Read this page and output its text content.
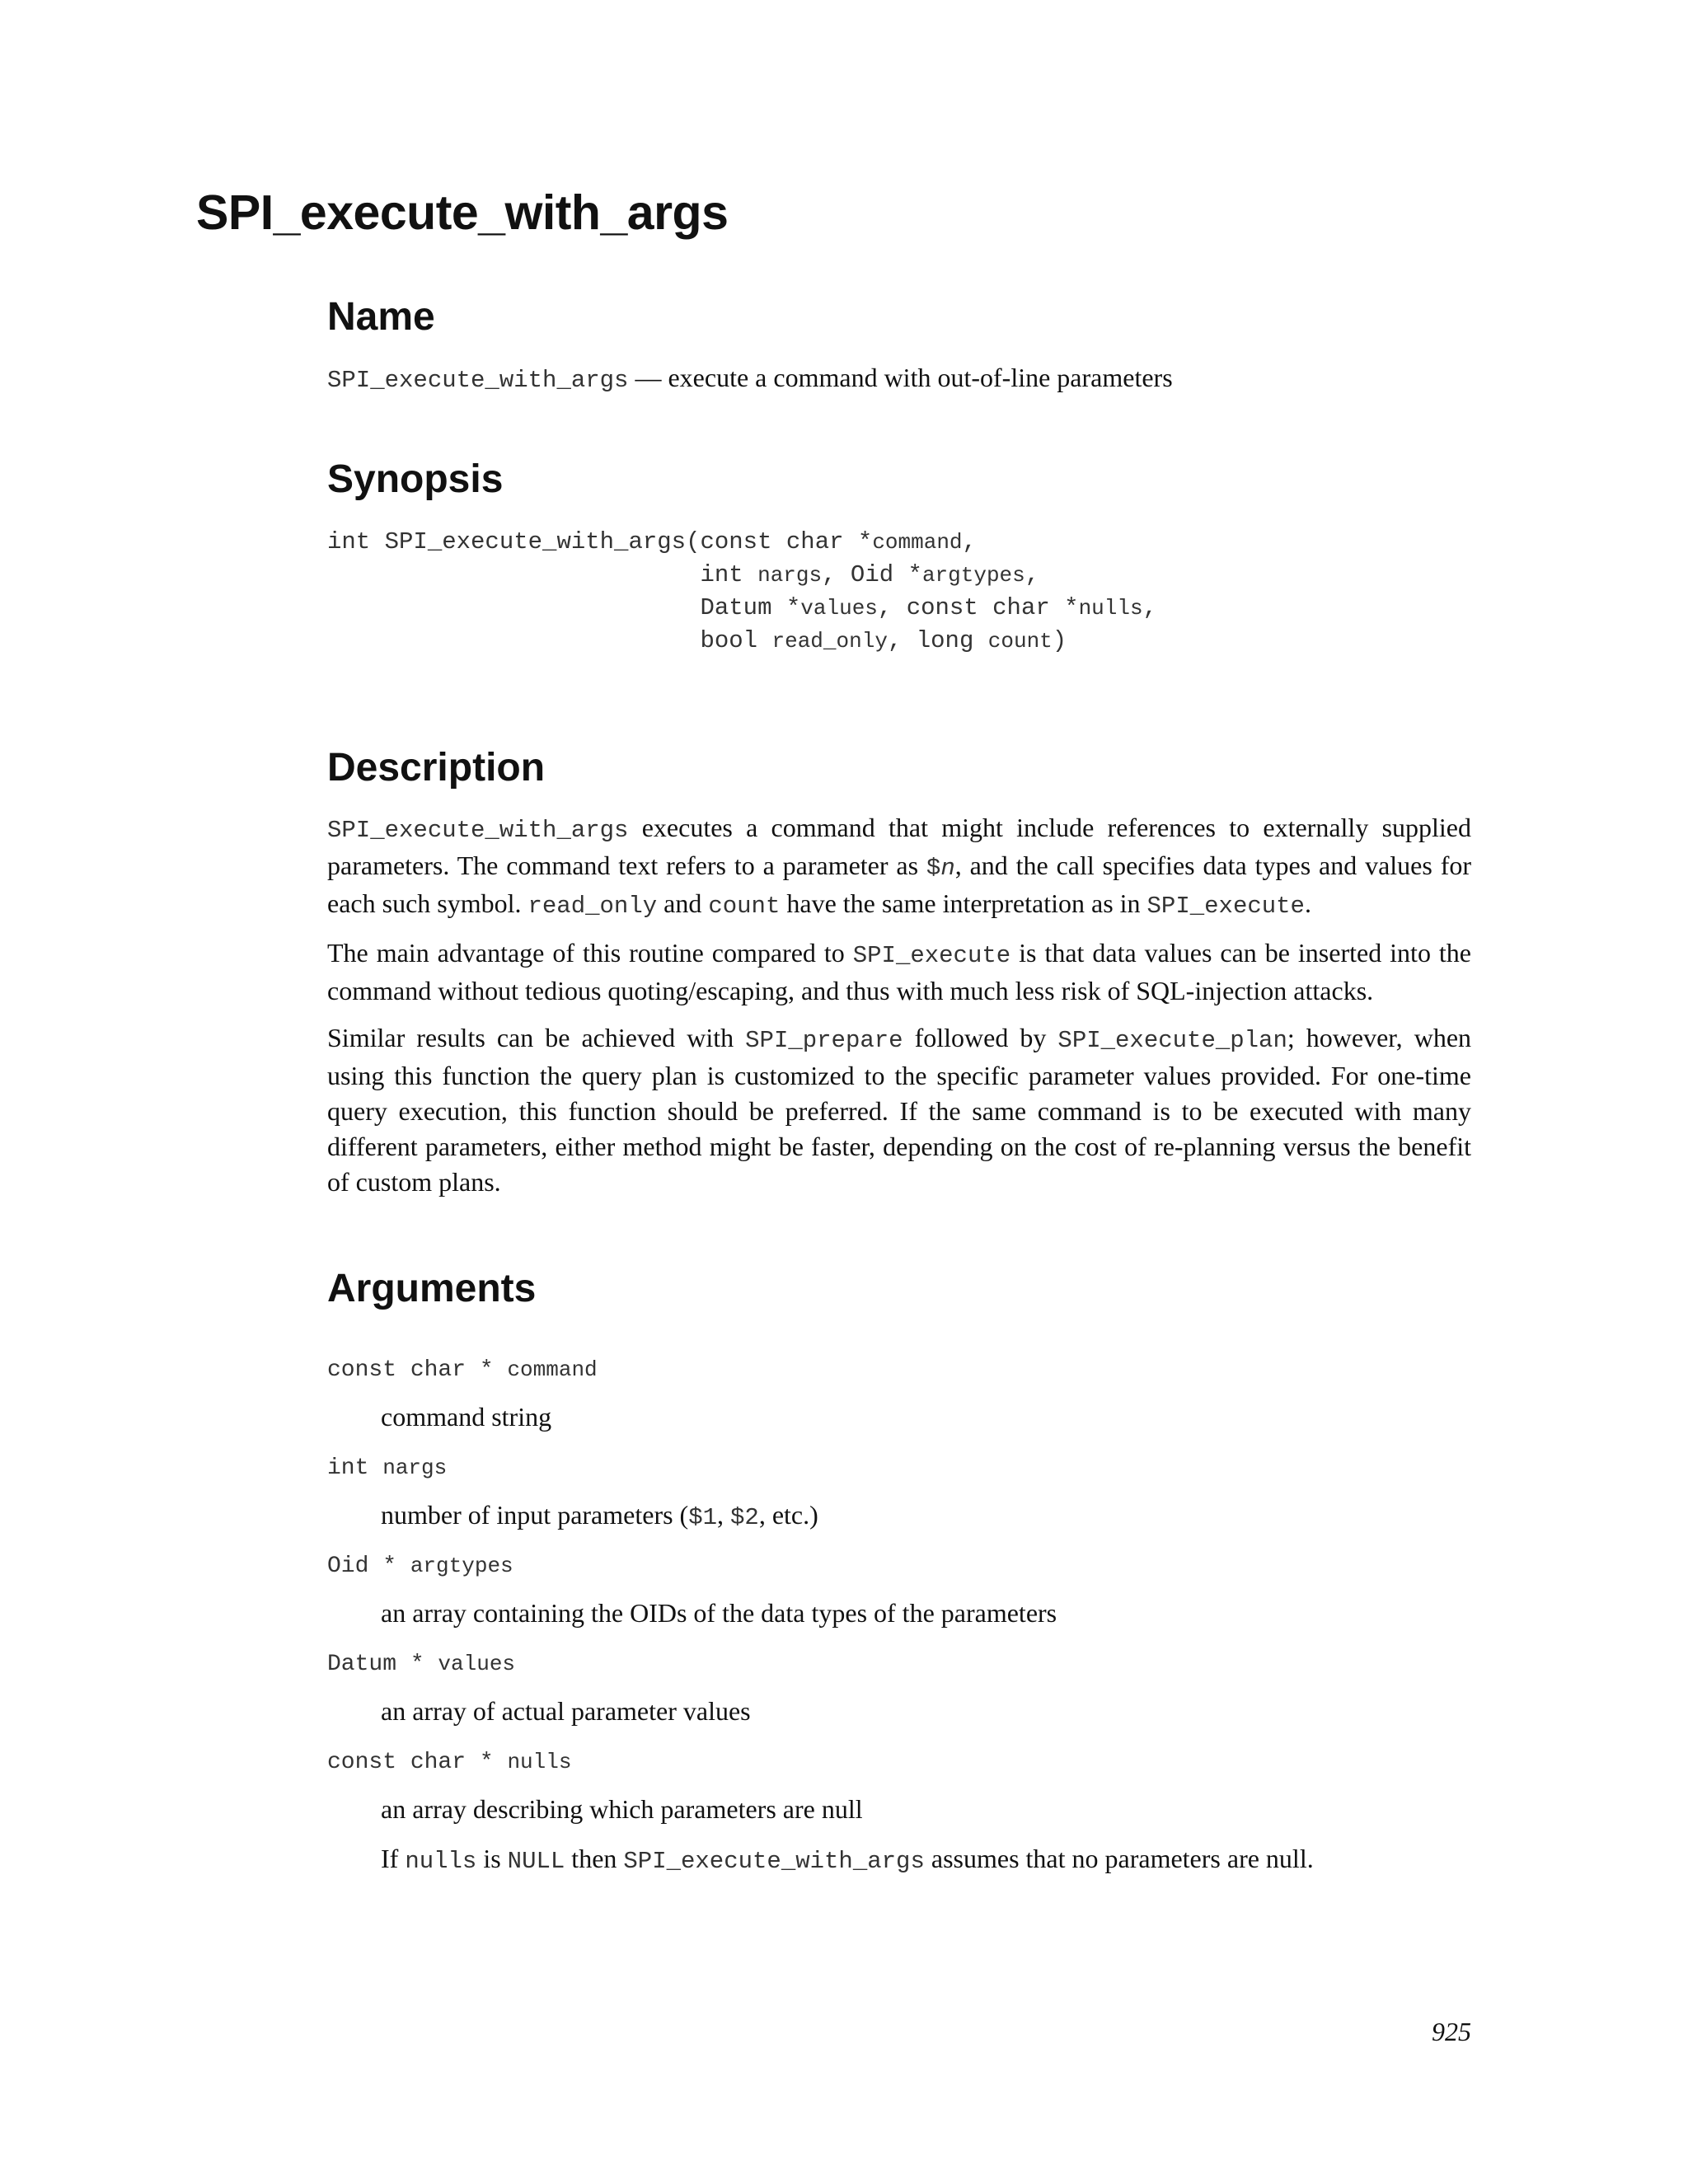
SPI_execute_with_args
Name

SPI_execute_with_args — execute a command with out-of-line parameters

Synopsis
int SPI_execute_with_args(const char *command,
int nargs, Oid *argtypes,
Datum *values, const char *nulls,
bool read_only, long count)
Description

SPI_execute_with_args executes a command that might include references to externally supplied parameters. The command text refers to a parameter as $n, and the call specifies data types and values for each such symbol. read_only and count have the same interpretation as in SPI_execute.

The main advantage of this routine compared to SPI_execute is that data values can be inserted into the command without tedious quoting/escaping, and thus with much less risk of SQL-injection attacks.

Similar results can be achieved with SPI_prepare followed by SPI_execute_plan; however, when using this function the query plan is customized to the specific parameter values provided. For one-time query execution, this function should be preferred. If the same command is to be executed with many different parameters, either method might be faster, depending on the cost of re-planning versus the benefit of custom plans.

Arguments

const char * command

command string

int nargs

number of input parameters ($1, $2, etc.)

Oid * argtypes

an array containing the OIDs of the data types of the parameters

Datum * values

an array of actual parameter values

const char * nulls

an array describing which parameters are null

If nulls is NULL then SPI_execute_with_args assumes that no parameters are null.

925
